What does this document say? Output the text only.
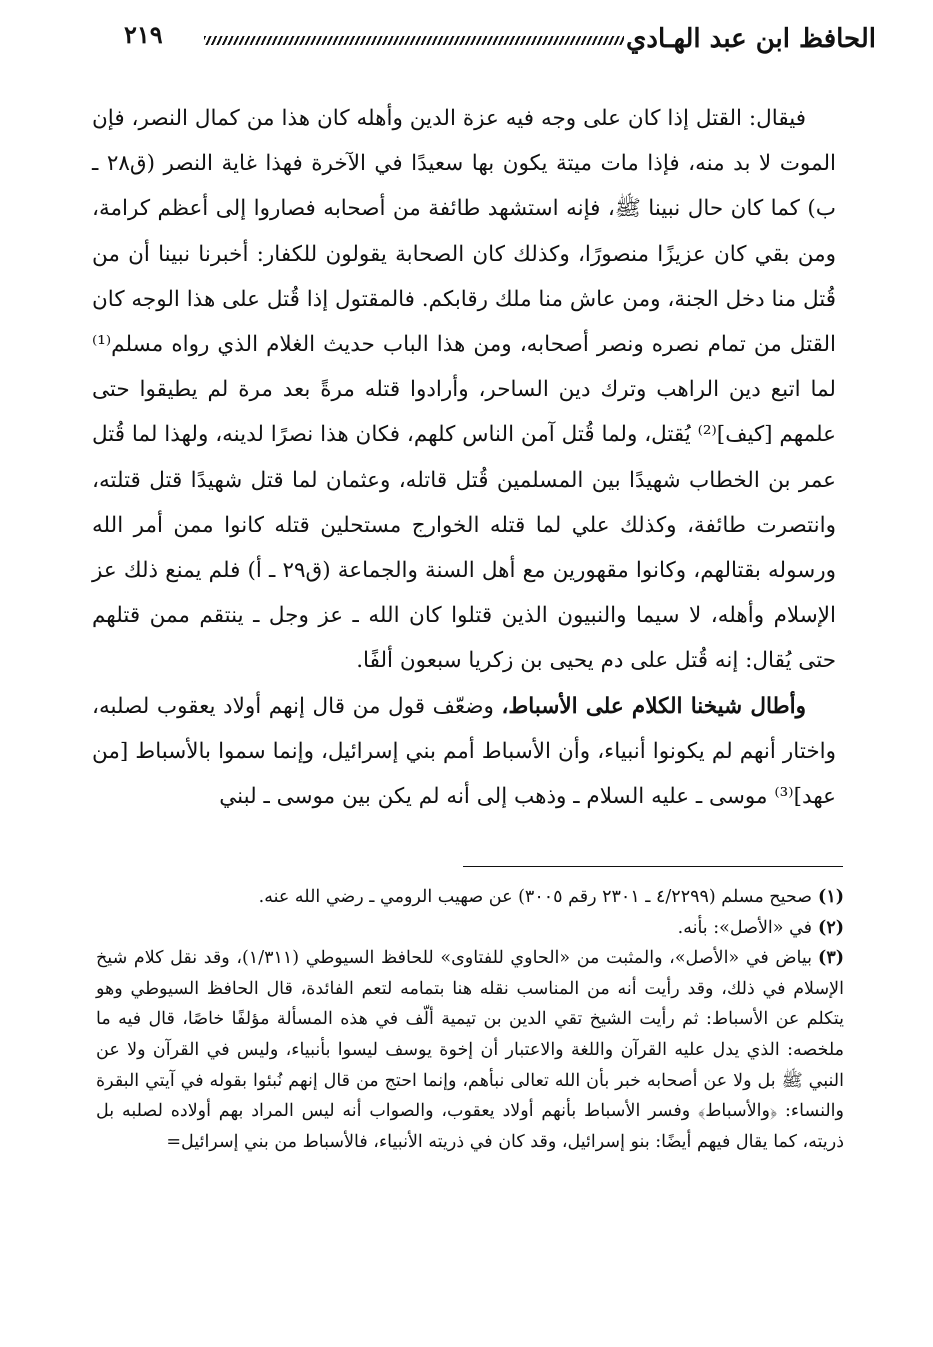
٢١٩	الحافظ ابن عبد الهـادي

فيقال: القتل إذا كان على وجه فيه عزة الدين وأهله كان هذا من كمال النصر، فإن الموت لا بد منه، فإذا مات ميتة يكون بها سعيدًا في الآخرة فهذا غاية النصر (ق٢٨ ـ ب) كما كان حال نبينا ﷺ، فإنه استشهد طائفة من أصحابه فصاروا إلى أعظم كرامة، ومن بقي كان عزيزًا منصورًا، وكذلك كان الصحابة يقولون للكفار: أخبرنا نبينا أن من قُتل منا دخل الجنة، ومن عاش منا ملك رقابكم. فالمقتول إذا قُتل على هذا الوجه كان القتل من تمام نصره ونصر أصحابه، ومن هذا الباب حديث الغلام الذي رواه مسلم⁽¹⁾ لما اتبع دين الراهب وترك دين الساحر، وأرادوا قتله مرةً بعد مرة لم يطيقوا حتى علمهم [كيف]⁽²⁾ يُقتل، ولما قُتل آمن الناس كلهم، فكان هذا نصرًا لدينه، ولهذا لما قُتل عمر بن الخطاب شهيدًا بين المسلمين قُتل قاتله، وعثمان لما قتل شهيدًا قتل قتلته، وانتصرت طائفة، وكذلك علي لما قتله الخوارج مستحلين قتله كانوا ممن أمر الله ورسوله بقتالهم، وكانوا مقهورين مع أهل السنة والجماعة (ق٢٩ ـ أ) فلم يمنع ذلك عز الإسلام وأهله، لا سيما والنبيون الذين قتلوا كان الله ـ عز وجل ـ ينتقم ممن قتلهم حتى يُقال: إنه قُتل على دم يحيى بن زكريا سبعون ألفًا.

وأطال شيخنا الكلام على الأسباط، وضعّف قول من قال إنهم أولاد يعقوب لصلبه، واختار أنهم لم يكونوا أنبياء، وأن الأسباط أمم بني إسرائيل، وإنما سموا بالأسباط [من عهد]⁽³⁾ موسى ـ عليه السلام ـ وذهب إلى أنه لم يكن بين موسى ـ لبني

(١)صحيح مسلم (٤/٢٢٩٩ ـ ٢٣٠١ رقم ٣٠٠٥) عن صهيب الرومي ـ رضي الله عنه.

(٢)في «الأصل»: بأنه.

(٣)بياض في «الأصل»، والمثبت من «الحاوي للفتاوى» للحافظ السيوطي (١/٣١١)، وقد نقل كلام شيخ الإسلام في ذلك، وقد رأيت أنه من المناسب نقله هنا بتمامه لتعم الفائدة، قال الحافظ السيوطي وهو يتكلم عن الأسباط: ثم رأيت الشيخ تقي الدين بن تيمية ألّف في هذه المسألة مؤلفًا خاصًا، قال فيه ما ملخصه: الذي يدل عليه القرآن واللغة والاعتبار أن إخوة يوسف ليسوا بأنبياء، وليس في القرآن ولا عن النبي ﷺ بل ولا عن أصحابه خبر بأن الله تعالى نبأهم، وإنما احتج من قال إنهم نُبئوا بقوله في آيتي البقرة والنساء: ﴿والأسباط﴾ وفسر الأسباط بأنهم أولاد يعقوب، والصواب أنه ليس المراد بهم أولاده لصلبه بل ذريته، كما يقال فيهم أيضًا: بنو إسرائيل، وقد كان في ذريته الأنبياء، فالأسباط من بني إسرائيل=
